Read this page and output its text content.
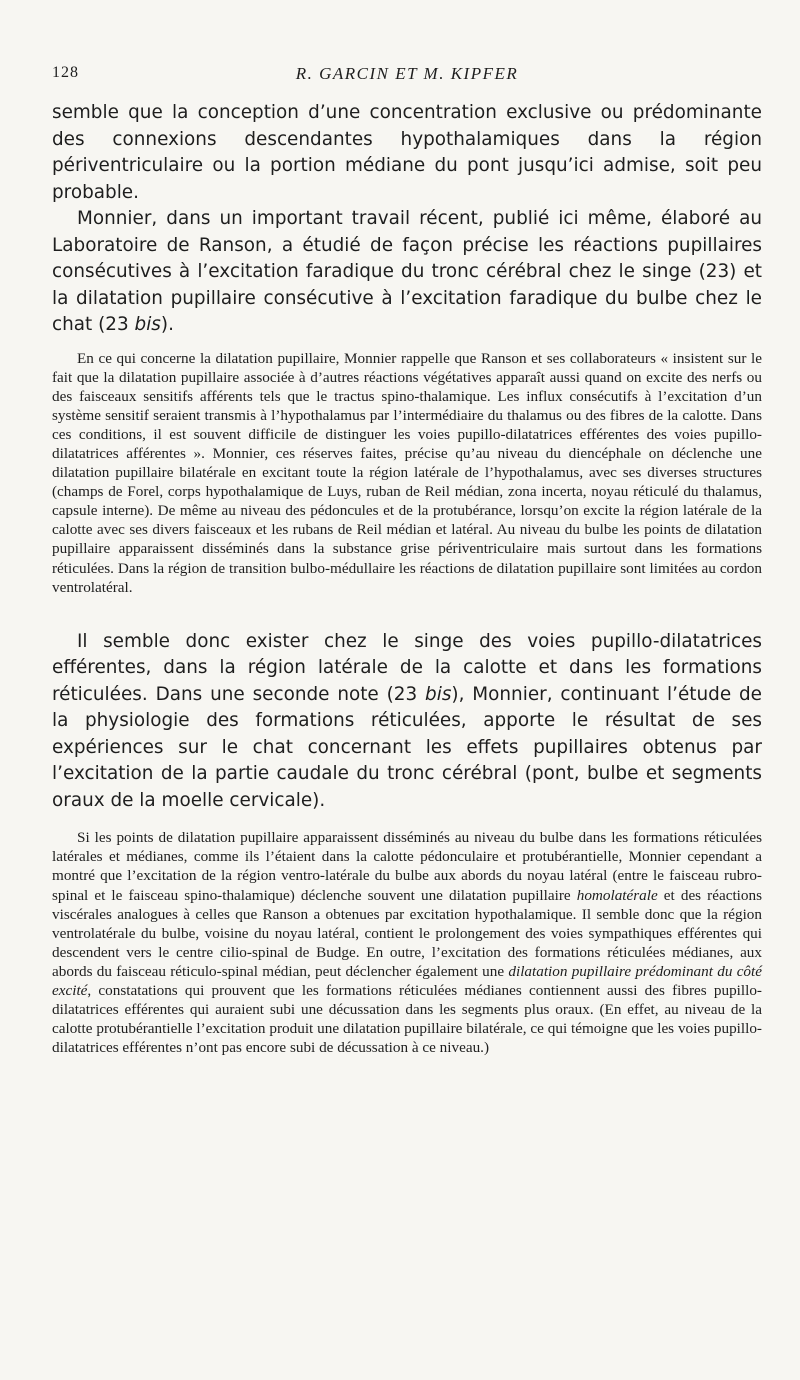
128	R. GARCIN ET M. KIPFER

semble que la conception d’une concentration exclusive ou prédominante des connexions descendantes hypothalamiques dans la région périventriculaire ou la portion médiane du pont jusqu’ici admise, soit peu probable.

Monnier, dans un important travail récent, publié ici même, élaboré au Laboratoire de Ranson, a étudié de façon précise les réactions pupillaires consécutives à l’excitation faradique du tronc cérébral chez le singe (23) et la dilatation pupillaire consécutive à l’excitation faradique du bulbe chez le chat (23 bis).

En ce qui concerne la dilatation pupillaire, Monnier rappelle que Ranson et ses collaborateurs « insistent sur le fait que la dilatation pupillaire associée à d’autres réactions végétatives apparaît aussi quand on excite des nerfs ou des faisceaux sensitifs afférents tels que le tractus spino-thalamique. Les influx consécutifs à l’excitation d’un système sensitif seraient transmis à l’hypothalamus par l’intermédiaire du thalamus ou des fibres de la calotte. Dans ces conditions, il est souvent difficile de distinguer les voies pupillo-dilatatrices efférentes des voies pupillo-dilatatrices afférentes ». Monnier, ces réserves faites, précise qu’au niveau du diencéphale on déclenche une dilatation pupillaire bilatérale en excitant toute la région latérale de l’hypothalamus, avec ses diverses structures (champs de Forel, corps hypothalamique de Luys, ruban de Reil médian, zona incerta, noyau réticulé du thalamus, capsule interne). De même au niveau des pédoncules et de la protubérance, lorsqu’on excite la région latérale de la calotte avec ses divers faisceaux et les rubans de Reil médian et latéral. Au niveau du bulbe les points de dilatation pupillaire apparaissent disséminés dans la substance grise périventriculaire mais surtout dans les formations réticulées. Dans la région de transition bulbo-médullaire les réactions de dilatation pupillaire sont limitées au cordon ventrolatéral.

Il semble donc exister chez le singe des voies pupillo-dilatatrices efférentes, dans la région latérale de la calotte et dans les formations réticulées. Dans une seconde note (23 bis), Monnier, continuant l’étude de la physiologie des formations réticulées, apporte le résultat de ses expériences sur le chat concernant les effets pupillaires obtenus par l’excitation de la partie caudale du tronc cérébral (pont, bulbe et segments oraux de la moelle cervicale).

Si les points de dilatation pupillaire apparaissent disséminés au niveau du bulbe dans les formations réticulées latérales et médianes, comme ils l’étaient dans la calotte pédonculaire et protubérantielle, Monnier cependant a montré que l’excitation de la région ventro-latérale du bulbe aux abords du noyau latéral (entre le faisceau rubro-spinal et le faisceau spino-thalamique) déclenche souvent une dilatation pupillaire homolatérale et des réactions viscérales analogues à celles que Ranson a obtenues par excitation hypothalamique. Il semble donc que la région ventrolatérale du bulbe, voisine du noyau latéral, contient le prolongement des voies sympathiques efférentes qui descendent vers le centre cilio-spinal de Budge. En outre, l’excitation des formations réticulées médianes, aux abords du faisceau réticulo-spinal médian, peut déclencher également une dilatation pupillaire prédominant du côté excité, constatations qui prouvent que les formations réticulées médianes contiennent aussi des fibres pupillo-dilatatrices efférentes qui auraient subi une décussation dans les segments plus oraux. (En effet, au niveau de la calotte protubérantielle l’excitation produit une dilatation pupillaire bilatérale, ce qui témoigne que les voies pupillo-dilatatrices efférentes n’ont pas encore subi de décussation à ce niveau.)
